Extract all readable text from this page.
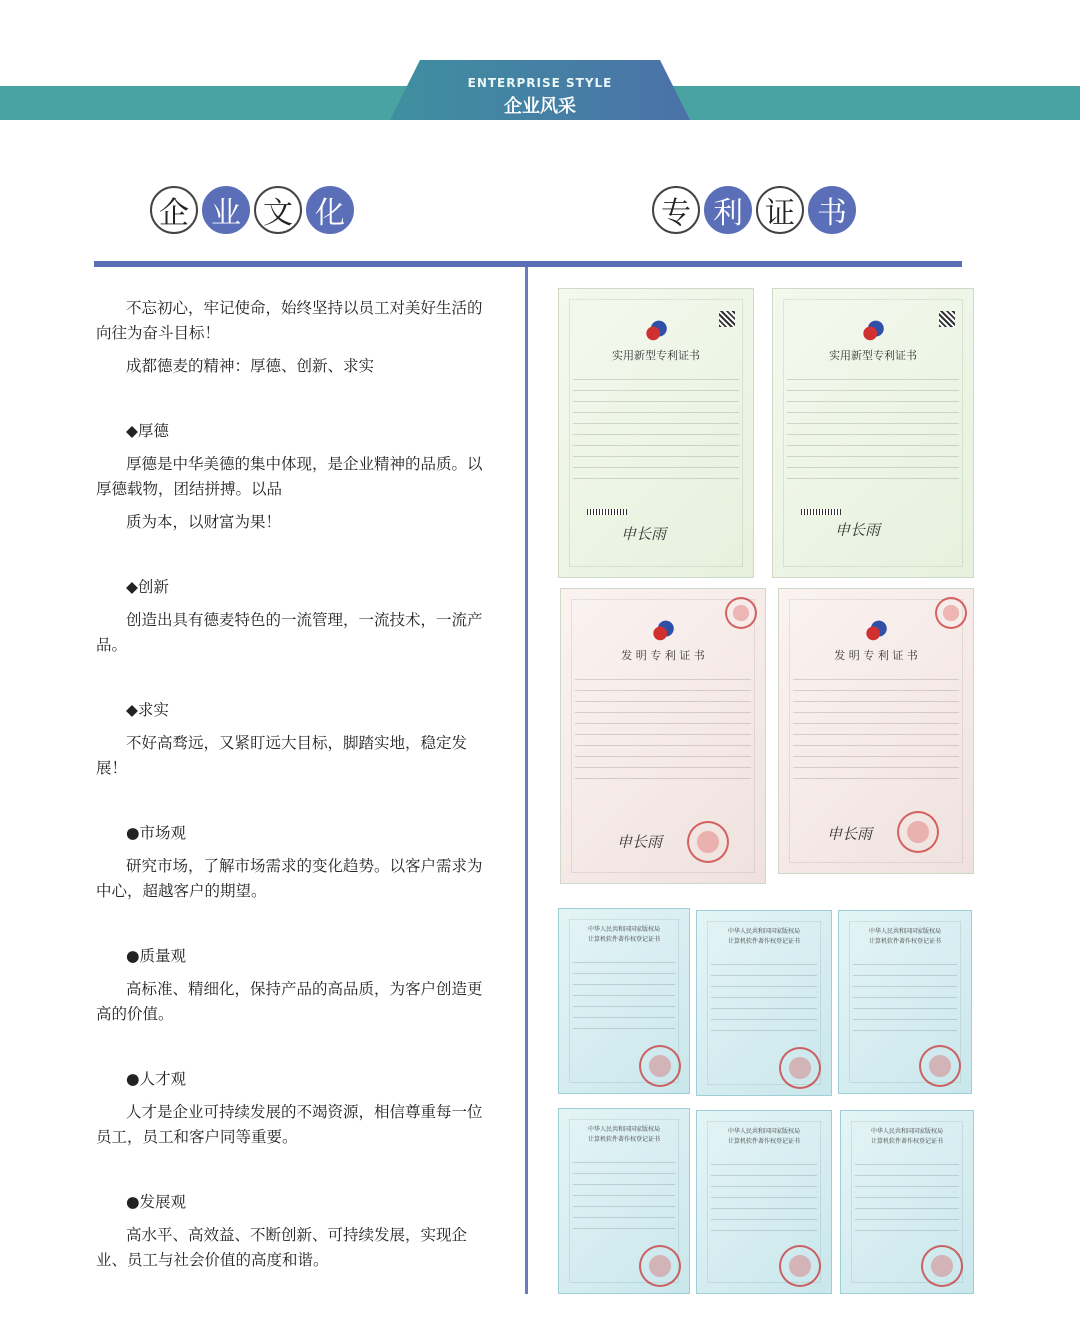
ENTERPRISE STYLE
企业风采
企 业 文 化	专 利 证 书

不忘初心，牢记使命，始终坚持以员工对美好生活的向往为奋斗目标！

成都德麦的精神：厚德、创新、求实

◆厚德

厚德是中华美德的集中体现，是企业精神的品质。以厚德载物，团结拼搏。以品

质为本，以财富为果！

◆创新

创造出具有德麦特色的一流管理，一流技术，一流产品。

◆求实

不好高骛远，又紧盯远大目标，脚踏实地，稳定发展！

●市场观

研究市场，了解市场需求的变化趋势。以客户需求为中心，超越客户的期望。

●质量观

高标准、精细化，保持产品的高品质，为客户创造更高的价值。

●人才观

人才是企业可持续发展的不竭资源，相信尊重每一位员工，员工和客户同等重要。

●发展观

高水平、高效益、不断创新、可持续发展，实现企业、员工与社会价值的高度和谐。

实用新型专利证书
申长雨
实用新型专利证书
申长雨
发 明 专 利 证 书
申长雨
发 明 专 利 证 书
申长雨
中华人民共和国国家版权局
计算机软件著作权登记证书
中华人民共和国国家版权局
计算机软件著作权登记证书
中华人民共和国国家版权局
计算机软件著作权登记证书
中华人民共和国国家版权局
计算机软件著作权登记证书
中华人民共和国国家版权局
计算机软件著作权登记证书
中华人民共和国国家版权局
计算机软件著作权登记证书
